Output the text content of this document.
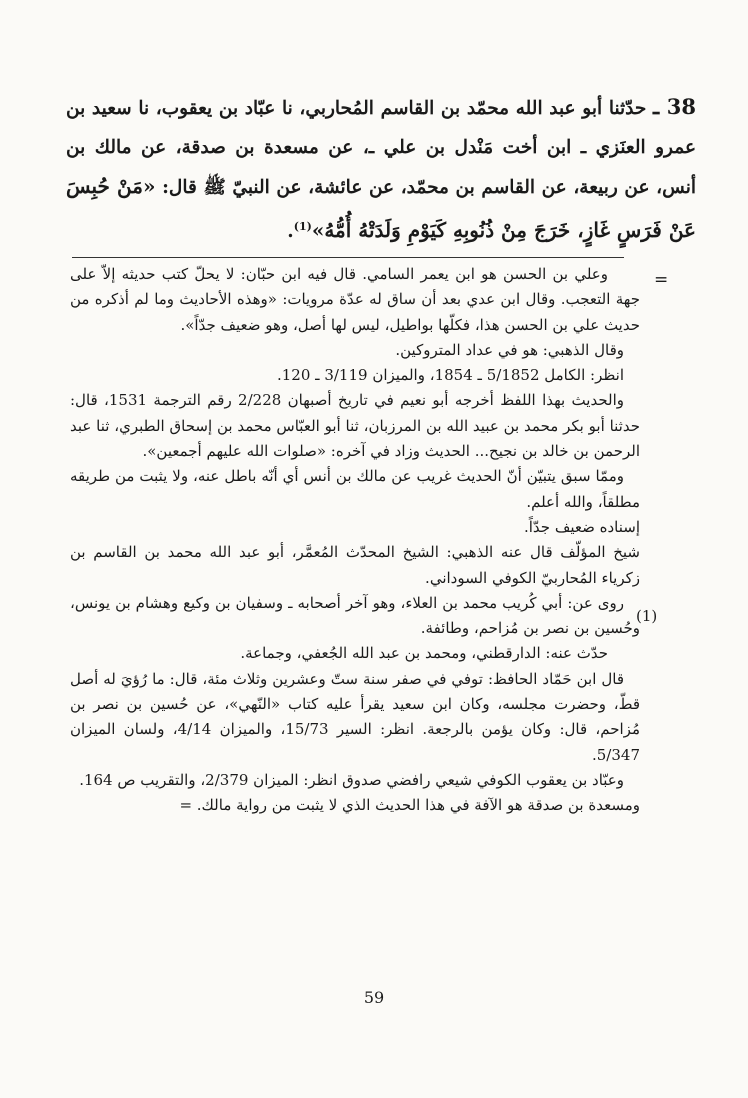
38 ـ حدّثنا أبو عبد الله محمّد بن القاسم المُحاربي، نا عبّاد بن يعقوب، نا سعيد بن عمرو العنَزي ـ ابن أخت مَنْدل بن علي ـ، عن مسعدة بن صدقة، عن مالك بن أنس، عن ربيعة، عن القاسم بن محمّد، عن عائشة، عن النبيّ ﷺ قال: «مَنْ حُبِسَ عَنْ فَرَسٍ غَازٍ، خَرَجَ مِنْ ذُنُوبِهِ كَيَوْمِ وَلَدَتْهُ أُمُّهُ»$^{(1)}$.
=
(1)

وعلي بن الحسن هو ابن يعمر السامي. قال فيه ابن حبّان: لا يحلّ كتب حديثه إلاّ على جهة التعجب. وقال ابن عدي بعد أن ساق له عدّة مرويات: «وهذه الأحاديث وما لم أذكره من حديث علي بن الحسن هذا، فكلّها بواطيل، ليس لها أصل، وهو ضعيف جدّاً».

وقال الذهبي: هو في عداد المتروكين.

انظر: الكامل 5/1852 ـ 1854، والميزان 3/119 ـ 120.

والحديث بهذا اللفظ أخرجه أبو نعيم في تاريخ أصبهان 2/228 رقم الترجمة 1531، قال: حدثنا أبو بكر محمد بن عبيد الله بن المرزبان، ثنا أبو العبّاس محمد بن إسحاق الطبري، ثنا عبد الرحمن بن خالد بن نجيح... الحديث وزاد في آخره: «صلوات الله عليهم أجمعين».

وممّا سبق يتبيّن أنّ الحديث غريب عن مالك بن أنس أي أنّه باطل عنه، ولا يثبت من طريقه مطلقاً، والله أعلم.

إسناده ضعيف جدّاً.

شيخ المؤلّف قال عنه الذهبي: الشيخ المحدّث المُعمَّر، أبو عبد الله محمد بن القاسم بن زكرياء المُحاربيّ الكوفي السوداني.

روى عن: أبي كُريب محمد بن العلاء، وهو آخر أصحابه ـ وسفيان بن وكيع وهشام بن يونس، وحُسين بن نصر بن مُزاحم، وطائفة.

حدّث عنه: الدارقطني، ومحمد بن عبد الله الجُعفي، وجماعة.

قال ابن حَمّاد الحافظ: توفي في صفر سنة ستّ وعشرين وثلاث مئة، قال: ما رُؤيَ له أصل قطّ، وحضرت مجلسه، وكان ابن سعيد يقرأ عليه كتاب «النّهي»، عن حُسين بن نصر بن مُزاحم، قال: وكان يؤمن بالرجعة. انظر: السير 15/73، والميزان 4/14، ولسان الميزان 5/347.

وعبّاد بن يعقوب الكوفي شيعي رافضي صدوق انظر: الميزان 2/379، والتقريب ص 164.

ومسعدة بن صدقة هو الآفة في هذا الحديث الذي لا يثبت من رواية مالك. =

59
